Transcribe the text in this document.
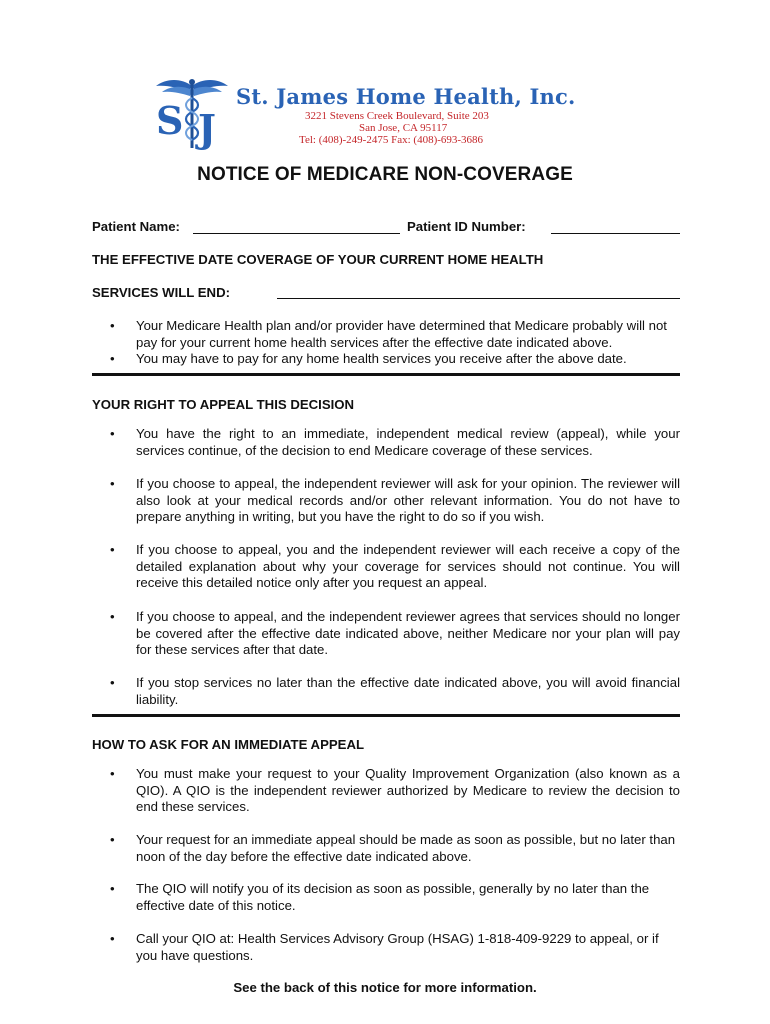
S J
St. James Home Health, Inc.
3221 Stevens Creek Boulevard, Suite 203
San Jose, CA 95117
Tel: (408)-249-2475 Fax: (408)-693-3686
NOTICE OF MEDICARE NON-COVERAGE
Patient Name:	Patient ID Number:
THE EFFECTIVE DATE COVERAGE OF YOUR CURRENT HOME HEALTH
SERVICES WILL END:
•	Your Medicare Health plan and/or provider have determined that Medicare probably will not pay for your current home health services after the effective date indicated above.
•	You may have to pay for any home health services you receive after the above date.
YOUR RIGHT TO APPEAL THIS DECISION
•	You have the right to an immediate, independent medical review (appeal), while your services continue, of the decision to end Medicare coverage of these services.
•	If you choose to appeal, the independent reviewer will ask for your opinion. The reviewer will also look at your medical records and/or other relevant information. You do not have to prepare anything in writing, but you have the right to do so if you wish.
•	If you choose to appeal, you and the independent reviewer will each receive a copy of the detailed explanation about why your coverage for services should not continue. You will receive this detailed notice only after you request an appeal.
•	If you choose to appeal, and the independent reviewer agrees that services should no longer be covered after the effective date indicated above, neither Medicare nor your plan will pay for these services after that date.
•	If you stop services no later than the effective date indicated above, you will avoid financial liability.
HOW TO ASK FOR AN IMMEDIATE APPEAL
•	You must make your request to your Quality Improvement Organization (also known as a QIO). A QIO is the independent reviewer authorized by Medicare to review the decision to end these services.
•	Your request for an immediate appeal should be made as soon as possible, but no later than noon of the day before the effective date indicated above.
•	The QIO will notify you of its decision as soon as possible, generally by no later than the effective date of this notice.
•	Call your QIO at: Health Services Advisory Group (HSAG) 1-818-409-9229 to appeal, or if you have questions.
See the back of this notice for more information.
